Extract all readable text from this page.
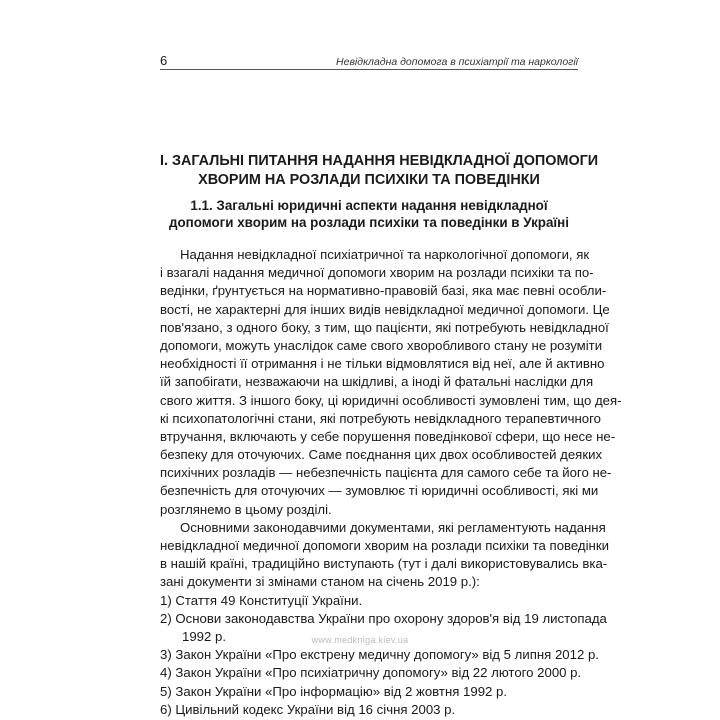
6	Невідкладна допомога в психіатрії та наркології
I. ЗАГАЛЬНІ ПИТАННЯ НАДАННЯ НЕВІДКЛАДНОЇ ДОПОМОГИ
ХВОРИМ НА РОЗЛАДИ ПСИХІКИ ТА ПОВЕДІНКИ
1.1. Загальні юридичні аспекти надання невідкладної
допомоги хворим на розлади психіки та поведінки в Україні
Надання невідкладної психіатричної та наркологічної допомоги, як
і взагалі надання медичної допомоги хворим на розлади психіки та по-
ведінки, ґрунтується на нормативно-правовій базі, яка має певні особли-
вості, не характерні для інших видів невідкладної медичної допомоги. Це
пов'язано, з одного боку, з тим, що пацієнти, які потребують невідкладної
допомоги, можуть унаслідок саме свого хворобливого стану не розуміти
необхідності її отримання і не тільки відмовлятися від неї, але й активно
їй запобігати, незважаючи на шкідливі, а іноді й фатальні наслідки для
свого життя. З іншого боку, ці юридичні особливості зумовлені тим, що дея-
кі психопатологічні стани, які потребують невідкладного терапевтичного
втручання, включають у себе порушення поведінкової сфери, що несе не-
безпеку для оточуючих. Саме поєднання цих двох особливостей деяких
психічних розладів — небезпечність пацієнта для самого себе та його не-
безпечність для оточуючих — зумовлює ті юридичні особливості, які ми
розглянемо в цьому розділі.
Основними законодавчими документами, які регламентують надання
невідкладної медичної допомоги хворим на розлади психіки та поведінки
в нашій країні, традиційно виступають (тут і далі використовувались вка-
зані документи зі змінами станом на січень 2019 р.):
1) Стаття 49 Конституції України.
2) Основи законодавства України про охорону здоров'я від 19 листопада
1992 р.
3) Закон України «Про екстрену медичну допомогу» від 5 липня 2012 р.
4) Закон України «Про психіатричну допомогу» від 22 лютого 2000 р.
5) Закон України «Про інформацію» від 2 жовтня 1992 р.
6) Цивільний кодекс України від 16 січня 2003 р.
www.medkniga.kiev.ua
